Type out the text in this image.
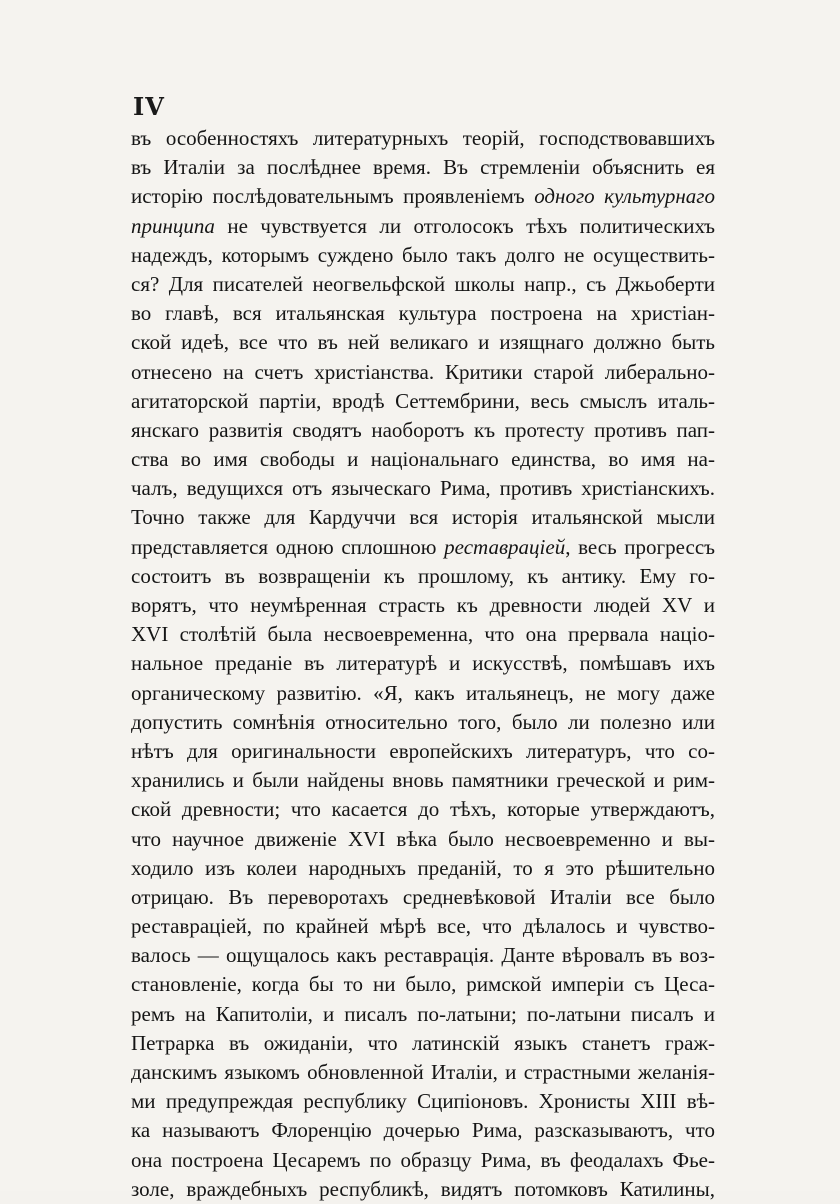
IV
въ особенностяхъ литературныхъ теорій, господствовавшихъ
въ Италіи за послѣднее время. Въ стремленіи объяснить ея
исторію послѣдовательнымъ проявленіемъ одного культурнаго
принципа не чувствуется ли отголосокъ тѣхъ политическихъ
надеждъ, которымъ суждено было такъ долго не осуществить-
ся? Для писателей неогвельфской школы напр., съ Джьоберти
во главѣ, вся итальянская культура построена на христіан-
ской идеѣ, все что въ ней великаго и изящнаго должно быть
отнесено на счетъ христіанства. Критики старой либерально-
агитаторской партіи, вродѣ Сеттембрини, весь смыслъ италь-
янскаго развитія сводятъ наоборотъ къ протесту противъ пап-
ства во имя свободы и національнаго единства, во имя на-
чалъ, ведущихся отъ языческаго Рима, противъ христіанскихъ.
Точно также для Кардуччи вся исторія итальянской мысли
представляется одною сплошною реставраціей, весь прогрессъ
состоитъ въ возвращеніи къ прошлому, къ антику. Ему го-
ворятъ, что неумѣренная страсть къ древности людей XV и
XVI столѣтій была несвоевременна, что она прервала націо-
нальное преданіе въ литературѣ и искусствѣ, помѣшавъ ихъ
органическому развитію. «Я, какъ итальянецъ, не могу даже
допустить сомнѣнія относительно того, было ли полезно или
нѣтъ для оригинальности европейскихъ литературъ, что со-
хранились и были найдены вновь памятники греческой и рим-
ской древности; что касается до тѣхъ, которые утверждаютъ,
что научное движеніе XVI вѣка было несвоевременно и вы-
ходило изъ колеи народныхъ преданій, то я это рѣшительно
отрицаю. Въ переворотахъ средневѣковой Италіи все было
реставраціей, по крайней мѣрѣ все, что дѣлалось и чувство-
валось — ощущалось какъ реставрація. Данте вѣровалъ въ воз-
становленіе, когда бы то ни было, римской имперіи съ Цеса-
ремъ на Капитоліи, и писалъ по-латыни; по-латыни писалъ и
Петрарка въ ожиданіи, что латинскій языкъ станетъ граж-
данскимъ языкомъ обновленной Италіи, и страстными желанія-
ми предупреждая республику Сципіоновъ. Хронисты XIII вѣ-
ка называютъ Флоренцію дочерью Рима, разсказываютъ, что
она построена Цесаремъ по образцу Рима, въ феодалахъ Фье-
золе, враждебныхъ республикѣ, видятъ потомковъ Катилины,
